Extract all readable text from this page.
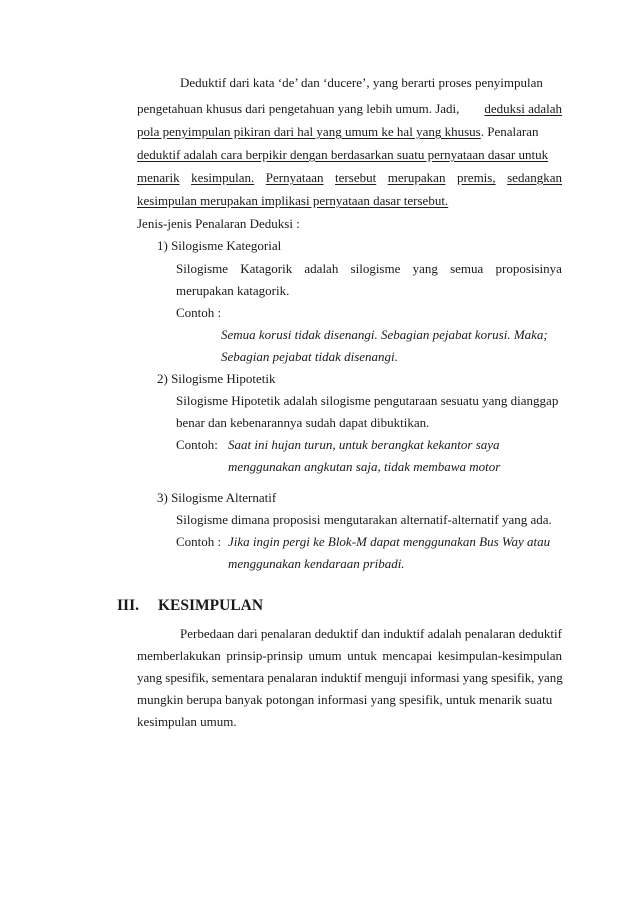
Deduktif dari kata ‘de’ dan ‘ducere’, yang berarti proses penyimpulan
pengetahuan khusus dari pengetahuan yang lebih umum. Jadi, deduksi adalah
pola penyimpulan pikiran dari hal yang umum ke hal yang khusus. Penalaran
deduktif adalah cara berpikir dengan berdasarkan suatu pernyataan dasar untuk
menarik kesimpulan. Pernyataan tersebut merupakan premis, sedangkan
kesimpulan merupakan implikasi pernyataan dasar tersebut.
Jenis-jenis Penalaran Deduksi :
1) Silogisme Kategorial
Silogisme Katagorik adalah silogisme yang semua proposisinya
merupakan katagorik.
Contoh :
Semua korusi tidak disenangi. Sebagian pejabat korusi. Maka;
Sebagian pejabat tidak disenangi.
2) Silogisme Hipotetik
Silogisme Hipotetik adalah silogisme pengutaraan sesuatu yang dianggap
benar dan kebenarannya sudah dapat dibuktikan.
Contoh: Saat ini hujan turun, untuk berangkat kekantor saya
menggunakan angkutan saja, tidak membawa motor
3) Silogisme Alternatif
Silogisme dimana proposisi mengutarakan alternatif-alternatif yang ada.
Contoh : Jika ingin pergi ke Blok-M dapat menggunakan Bus Way atau
menggunakan kendaraan pribadi.
III. KESIMPULAN
Perbedaan dari penalaran deduktif dan induktif adalah penalaran deduktif
memberlakukan prinsip-prinsip umum untuk mencapai kesimpulan-kesimpulan
yang spesifik, sementara penalaran induktif menguji informasi yang spesifik, yang
mungkin berupa banyak potongan informasi yang spesifik, untuk menarik suatu
kesimpulan umum.
